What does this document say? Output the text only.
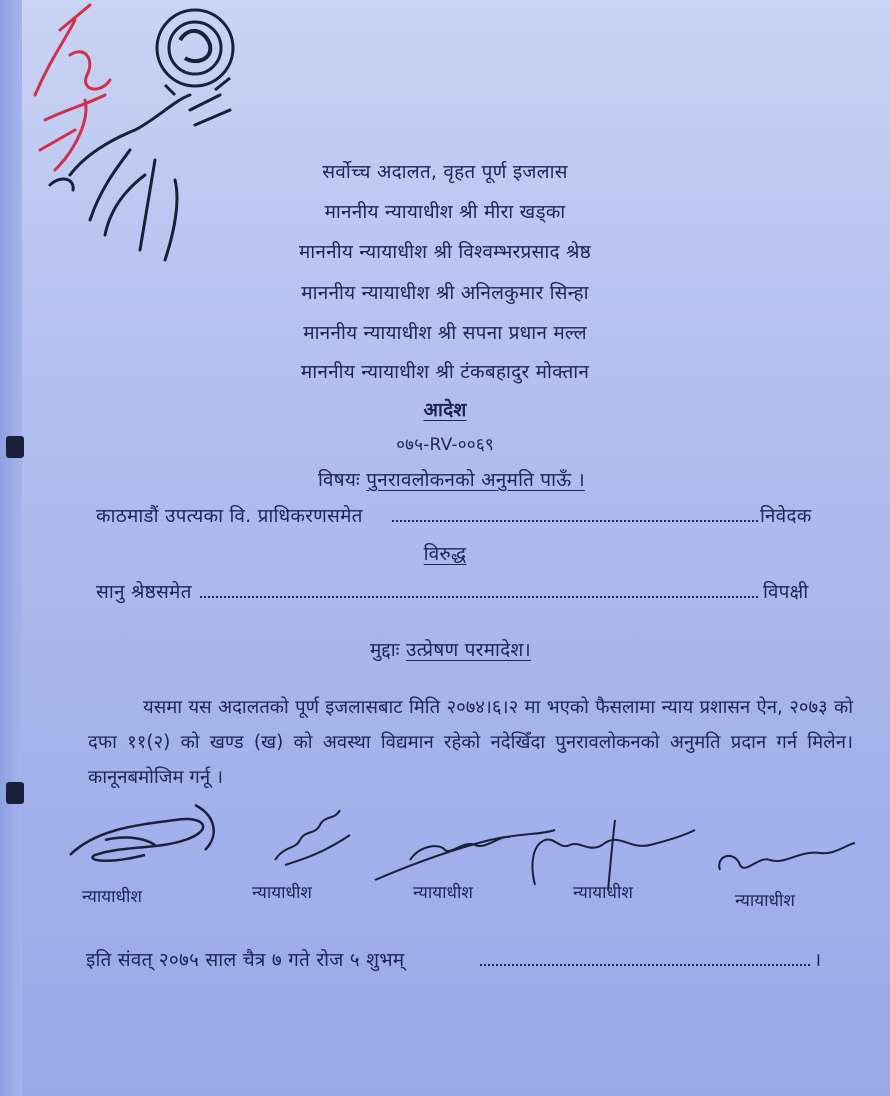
सर्वोच्च अदालत, वृहत पूर्ण इजलास
माननीय न्यायाधीश श्री मीरा खड्का
माननीय न्यायाधीश श्री विश्वम्भरप्रसाद श्रेष्ठ
माननीय न्यायाधीश श्री अनिलकुमार सिन्हा
माननीय न्यायाधीश श्री सपना प्रधान मल्ल
माननीय न्यायाधीश श्री टंकबहादुर मोक्तान
आदेश
०७५-RV-००६९
विषयः पुनरावलोकनको अनुमति पाऊँ ।
काठमाडौं उपत्यका वि. प्राधिकरणसमेत	निवेदक
विरुद्ध
सानु श्रेष्ठसमेत	विपक्षी
मुद्दाः उत्प्रेषण परमादेश।
यसमा यस अदालतको पूर्ण इजलासबाट मिति २०७४।६।२ मा भएको फैसलामा न्याय प्रशासन ऐन, २०७३ को दफा ११(२) को खण्ड (ख) को अवस्था विद्यमान रहेको नदेखिँदा पुनरावलोकनको अनुमति प्रदान गर्न मिलेन। कानूनबमोजिम गर्नू ।
न्यायाधीश	न्यायाधीश	न्यायाधीश	न्यायाधीश	न्यायाधीश
इति संवत् २०७५ साल चैत्र ७ गते रोज ५ शुभम्	।
